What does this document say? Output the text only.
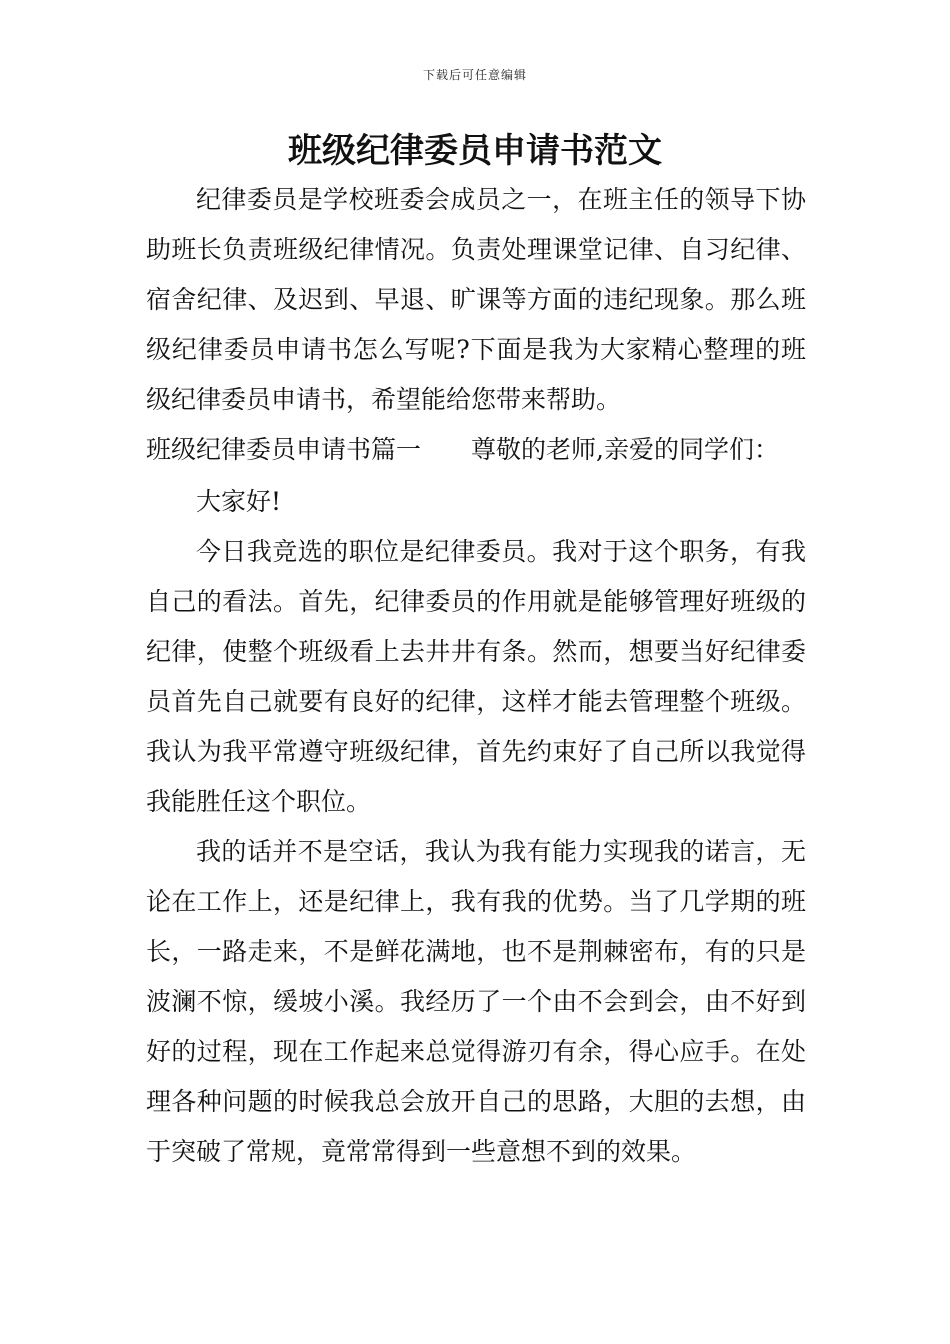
下载后可任意编辑
班级纪律委员申请书范文

纪律委员是学校班委会成员之一，在班主任的领导下协助班长负责班级纪律情况。负责处理课堂记律、自习纪律、宿舍纪律、及迟到、早退、旷课等方面的违纪现象。那么班级纪律委员申请书怎么写呢?下面是我为大家精心整理的班级纪律委员申请书，希望能给您带来帮助。

班级纪律委员申请书篇一 尊敬的老师,亲爱的同学们：

大家好!

今日我竞选的职位是纪律委员。我对于这个职务，有我自己的看法。首先，纪律委员的作用就是能够管理好班级的纪律，使整个班级看上去井井有条。然而，想要当好纪律委员首先自己就要有良好的纪律，这样才能去管理整个班级。我认为我平常遵守班级纪律，首先约束好了自己所以我觉得我能胜任这个职位。

我的话并不是空话，我认为我有能力实现我的诺言，无论在工作上，还是纪律上，我有我的优势。当了几学期的班长，一路走来，不是鲜花满地，也不是荆棘密布，有的只是波澜不惊，缓坡小溪。我经历了一个由不会到会，由不好到好的过程，现在工作起来总觉得游刃有余，得心应手。在处理各种问题的时候我总会放开自己的思路，大胆的去想，由于突破了常规，竟常常得到一些意想不到的效果。
